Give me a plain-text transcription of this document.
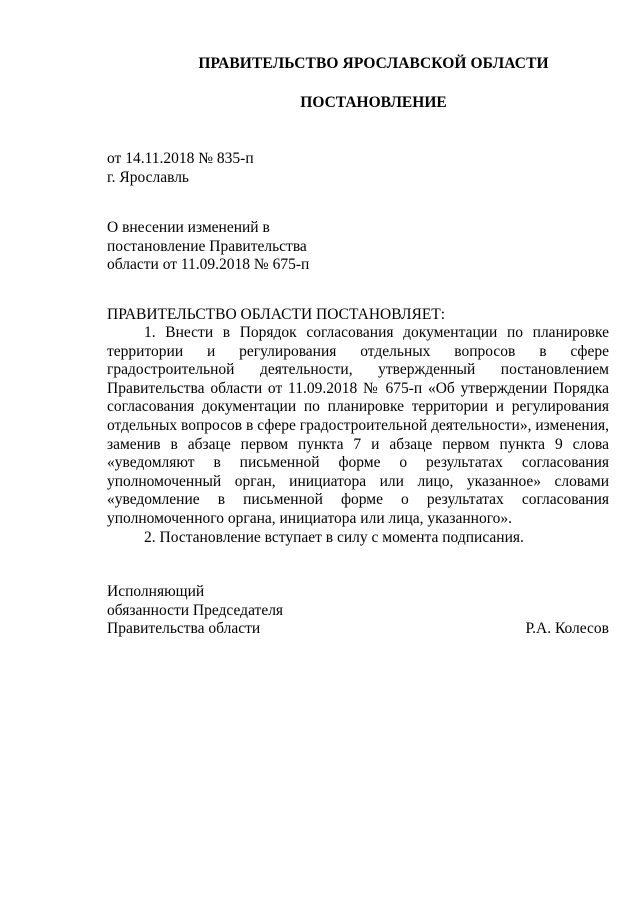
ПРАВИТЕЛЬСТВО ЯРОСЛАВСКОЙ ОБЛАСТИ
ПОСТАНОВЛЕНИЕ
от 14.11.2018 № 835-п
г. Ярославль
О внесении изменений в
постановление Правительства
области от 11.09.2018 № 675-п
ПРАВИТЕЛЬСТВО ОБЛАСТИ ПОСТАНОВЛЯЕТ:

1. Внести в Порядок согласования документации по планировке территории и регулирования отдельных вопросов в сфере градостроительной деятельности, утвержденный постановлением Правительства области от 11.09.2018 № 675-п «Об утверждении Порядка согласования документации по планировке территории и регулирования отдельных вопросов в сфере градостроительной деятельности», изменения, заменив в абзаце первом пункта 7 и абзаце первом пункта 9 слова «уведомляют в письменной форме о результатах согласования уполномоченный орган, инициатора или лицо, указанное» словами «уведомление в письменной форме о результатах согласования уполномоченного органа, инициатора или лица, указанного».

2. Постановление вступает в силу с момента подписания.

Исполняющий
обязанности Председателя
Правительства области	Р.А. Колесов
